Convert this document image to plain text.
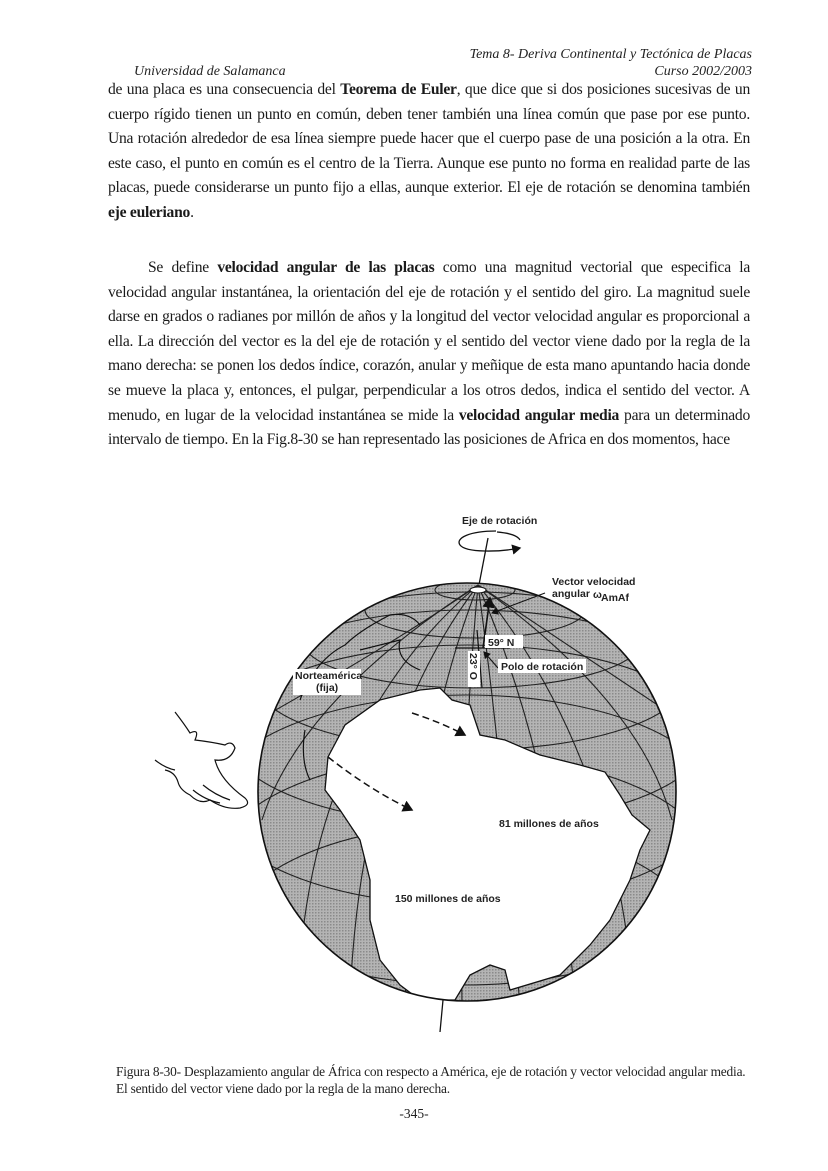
Tema 8- Deriva Continental y Tectónica de Placas
Universidad de Salamanca	Curso 2002/2003
de una placa es una consecuencia del Teorema de Euler, que dice que si dos posiciones sucesivas de un cuerpo rígido tienen un punto en común, deben tener también una línea común que pase por ese punto. Una rotación alrededor de esa línea siempre puede hacer que el cuerpo pase de una posición a la otra. En este caso, el punto en común es el centro de la Tierra. Aunque ese punto no forma en realidad parte de las placas, puede considerarse un punto fijo a ellas, aunque exterior. El eje de rotación se denomina también eje euleriano.
Se define velocidad angular de las placas como una magnitud vectorial que especifica la velocidad angular instantánea, la orientación del eje de rotación y el sentido del giro. La magnitud suele darse en grados o radianes por millón de años y la longitud del vector velocidad angular es proporcional a ella. La dirección del vector es la del eje de rotación y el sentido del vector viene dado por la regla de la mano derecha: se ponen los dedos índice, corazón, anular y meñique de esta mano apuntando hacia donde se mueve la placa y, entonces, el pulgar, perpendicular a los otros dedos, indica el sentido del vector. A menudo, en lugar de la velocidad instantánea se mide la velocidad angular media para un determinado intervalo de tiempo. En la Fig.8-30 se han representado las posiciones de Africa en dos momentos, hace
Eje de rotación
Vector velocidad
angular ω AmAf
59° N
23° O Polo de rotación
Norteamérica
(fija)
81 millones de años
150 millones de años
Figura 8-30- Desplazamiento angular de África con respecto a América, eje de rotación y vector velocidad angular media. El sentido del vector viene dado por la regla de la mano derecha.
-345-
